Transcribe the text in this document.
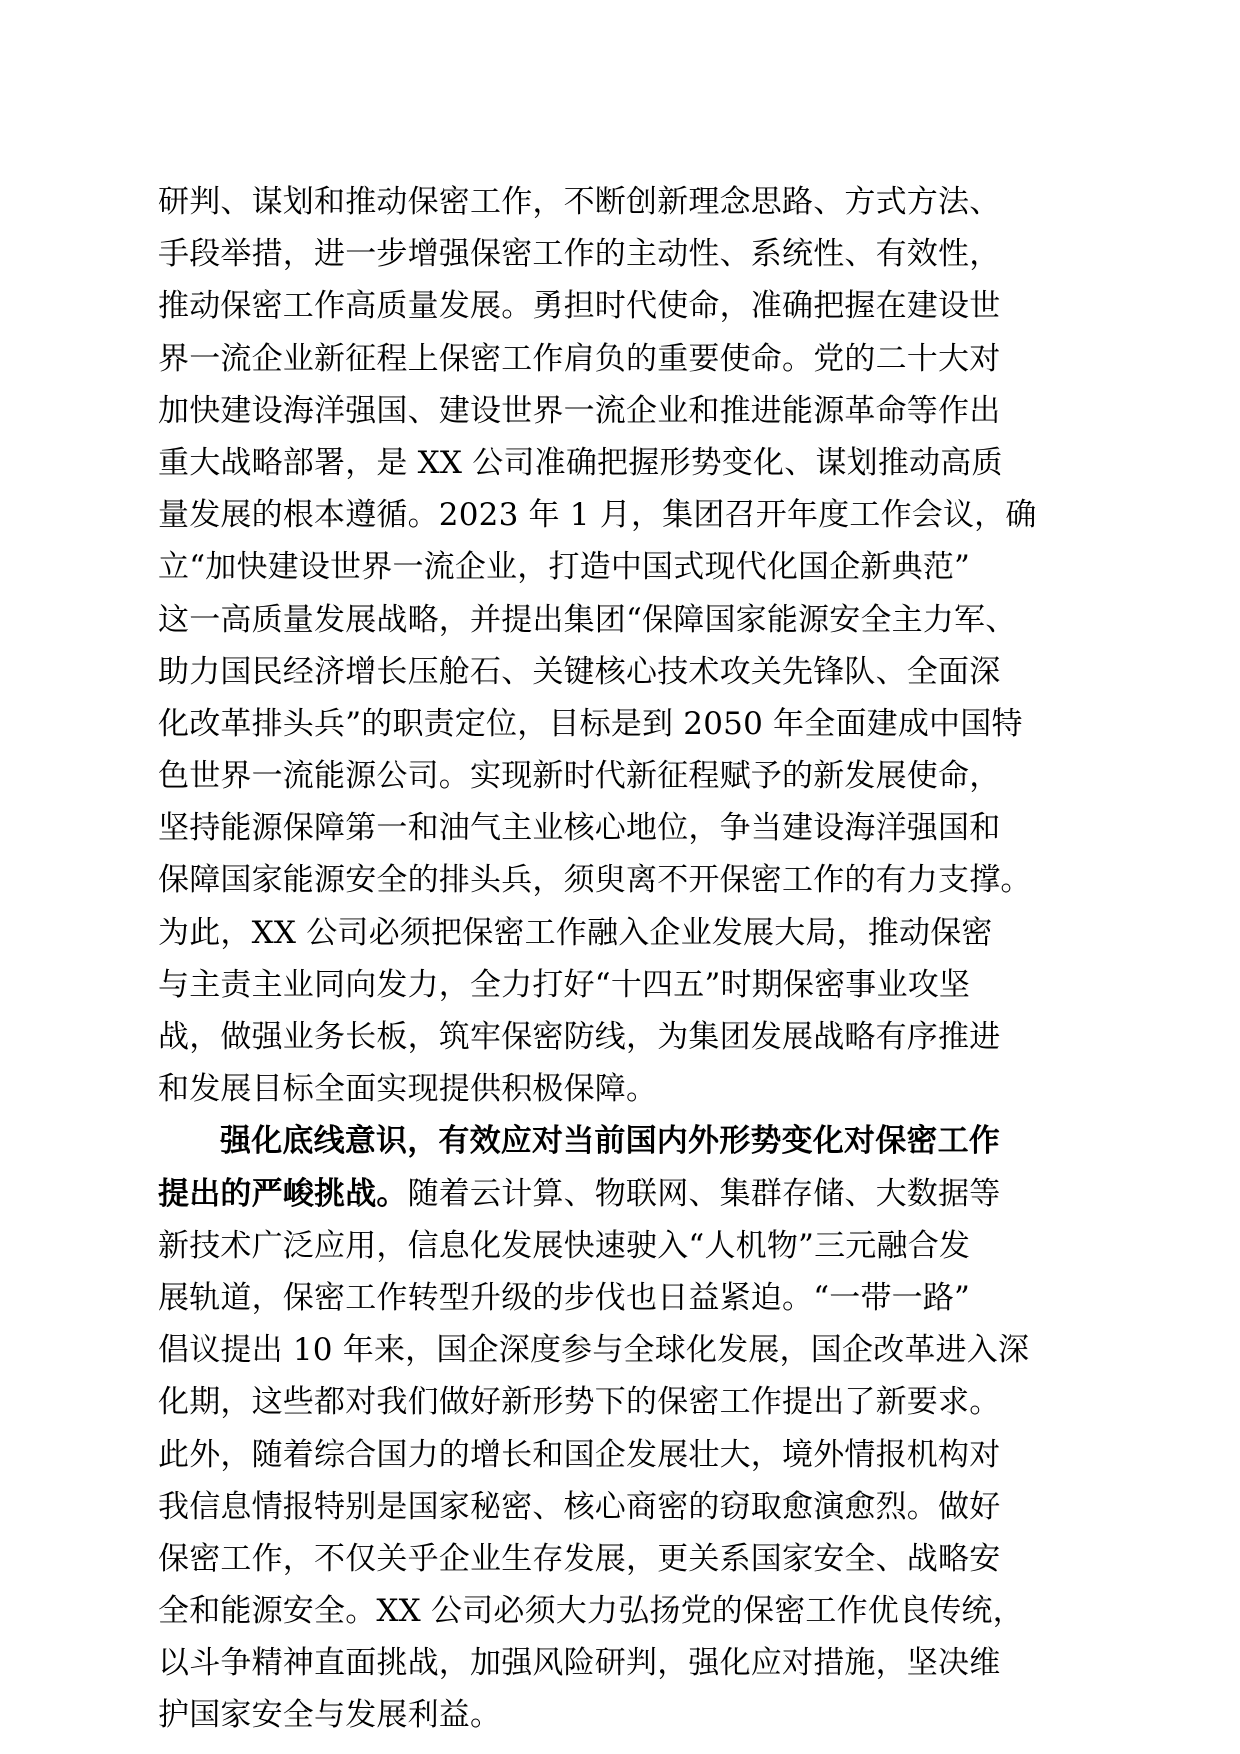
研判、谋划和推动保密工作，不断创新理念思路、方式方法、
手段举措，进一步增强保密工作的主动性、系统性、有效性，
推动保密工作高质量发展。勇担时代使命，准确把握在建设世
界一流企业新征程上保密工作肩负的重要使命。党的二十大对
加快建设海洋强国、建设世界一流企业和推进能源革命等作出
重大战略部署，是 XX 公司准确把握形势变化、谋划推动高质
量发展的根本遵循。2023 年 1 月，集团召开年度工作会议，确
立“加快建设世界一流企业，打造中国式现代化国企新典范”
这一高质量发展战略，并提出集团“保障国家能源安全主力军、
助力国民经济增长压舱石、关键核心技术攻关先锋队、全面深
化改革排头兵”的职责定位，目标是到 2050 年全面建成中国特
色世界一流能源公司。实现新时代新征程赋予的新发展使命，
坚持能源保障第一和油气主业核心地位，争当建设海洋强国和
保障国家能源安全的排头兵，须臾离不开保密工作的有力支撑。
为此，XX 公司必须把保密工作融入企业发展大局，推动保密
与主责主业同向发力，全力打好“十四五”时期保密事业攻坚
战，做强业务长板，筑牢保密防线，为集团发展战略有序推进
和发展目标全面实现提供积极保障。
强化底线意识，有效应对当前国内外形势变化对保密工作
提出的严峻挑战。随着云计算、物联网、集群存储、大数据等
新技术广泛应用，信息化发展快速驶入“人机物”三元融合发
展轨道，保密工作转型升级的步伐也日益紧迫。“一带一路”
倡议提出 10 年来，国企深度参与全球化发展，国企改革进入深
化期，这些都对我们做好新形势下的保密工作提出了新要求。
此外，随着综合国力的增长和国企发展壮大，境外情报机构对
我信息情报特别是国家秘密、核心商密的窃取愈演愈烈。做好
保密工作，不仅关乎企业生存发展，更关系国家安全、战略安
全和能源安全。XX 公司必须大力弘扬党的保密工作优良传统，
以斗争精神直面挑战，加强风险研判，强化应对措施，坚决维
护国家安全与发展利益。
